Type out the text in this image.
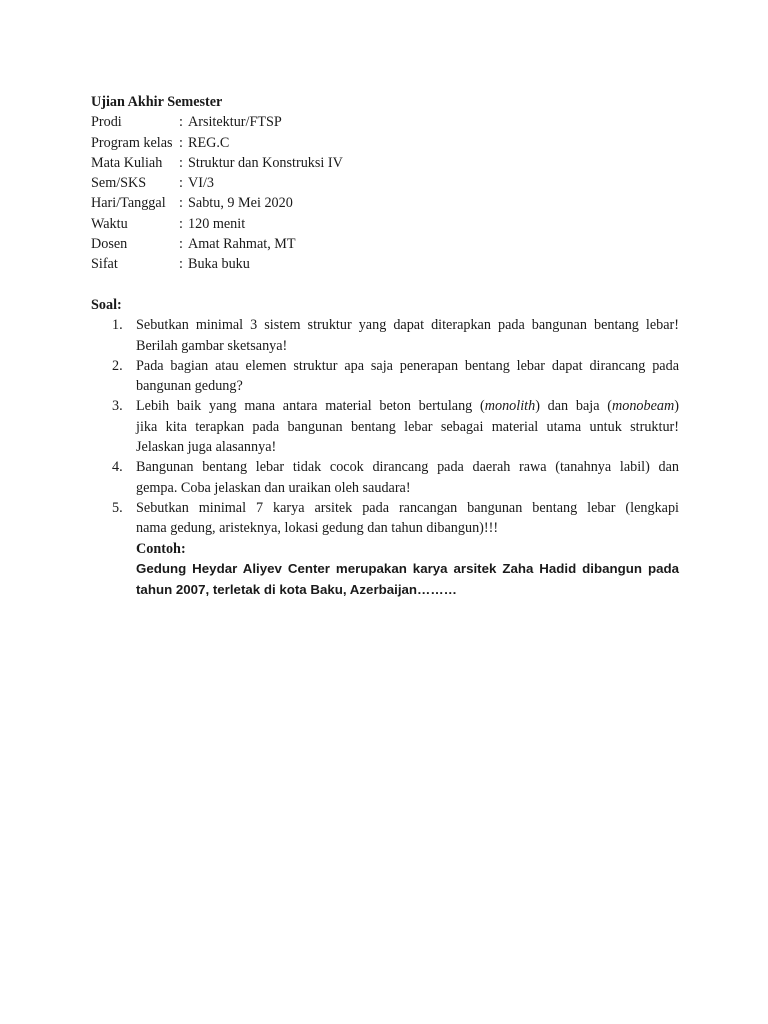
Ujian Akhir Semester
Prodi	: Arsitektur/FTSP
Program kelas : REG.C
Mata Kuliah	: Struktur dan Konstruksi IV
Sem/SKS	: VI/3
Hari/Tanggal : Sabtu, 9 Mei 2020
Waktu	: 120 menit
Dosen	: Amat Rahmat, MT
Sifat	: Buka buku
Soal:
1. Sebutkan minimal 3 sistem struktur yang dapat diterapkan pada bangunan bentang lebar!
Berilah gambar sketsanya!
2. Pada bagian atau elemen struktur apa saja penerapan bentang lebar dapat dirancang pada
bangunan gedung?
3. Lebih baik yang mana antara material beton bertulang (monolith) dan baja (monobeam)
jika kita terapkan pada bangunan bentang lebar sebagai material utama untuk struktur!
Jelaskan juga alasannya!
4. Bangunan bentang lebar tidak cocok dirancang pada daerah rawa (tanahnya labil) dan
gempa. Coba jelaskan dan uraikan oleh saudara!
5. Sebutkan minimal 7 karya arsitek pada rancangan bangunan bentang lebar (lengkapi
nama gedung, aristeknya, lokasi gedung dan tahun dibangun)!!!
Contoh:
Gedung Heydar Aliyev Center merupakan karya arsitek Zaha Hadid dibangun pada
tahun 2007, terletak di kota Baku, Azerbaijan………
